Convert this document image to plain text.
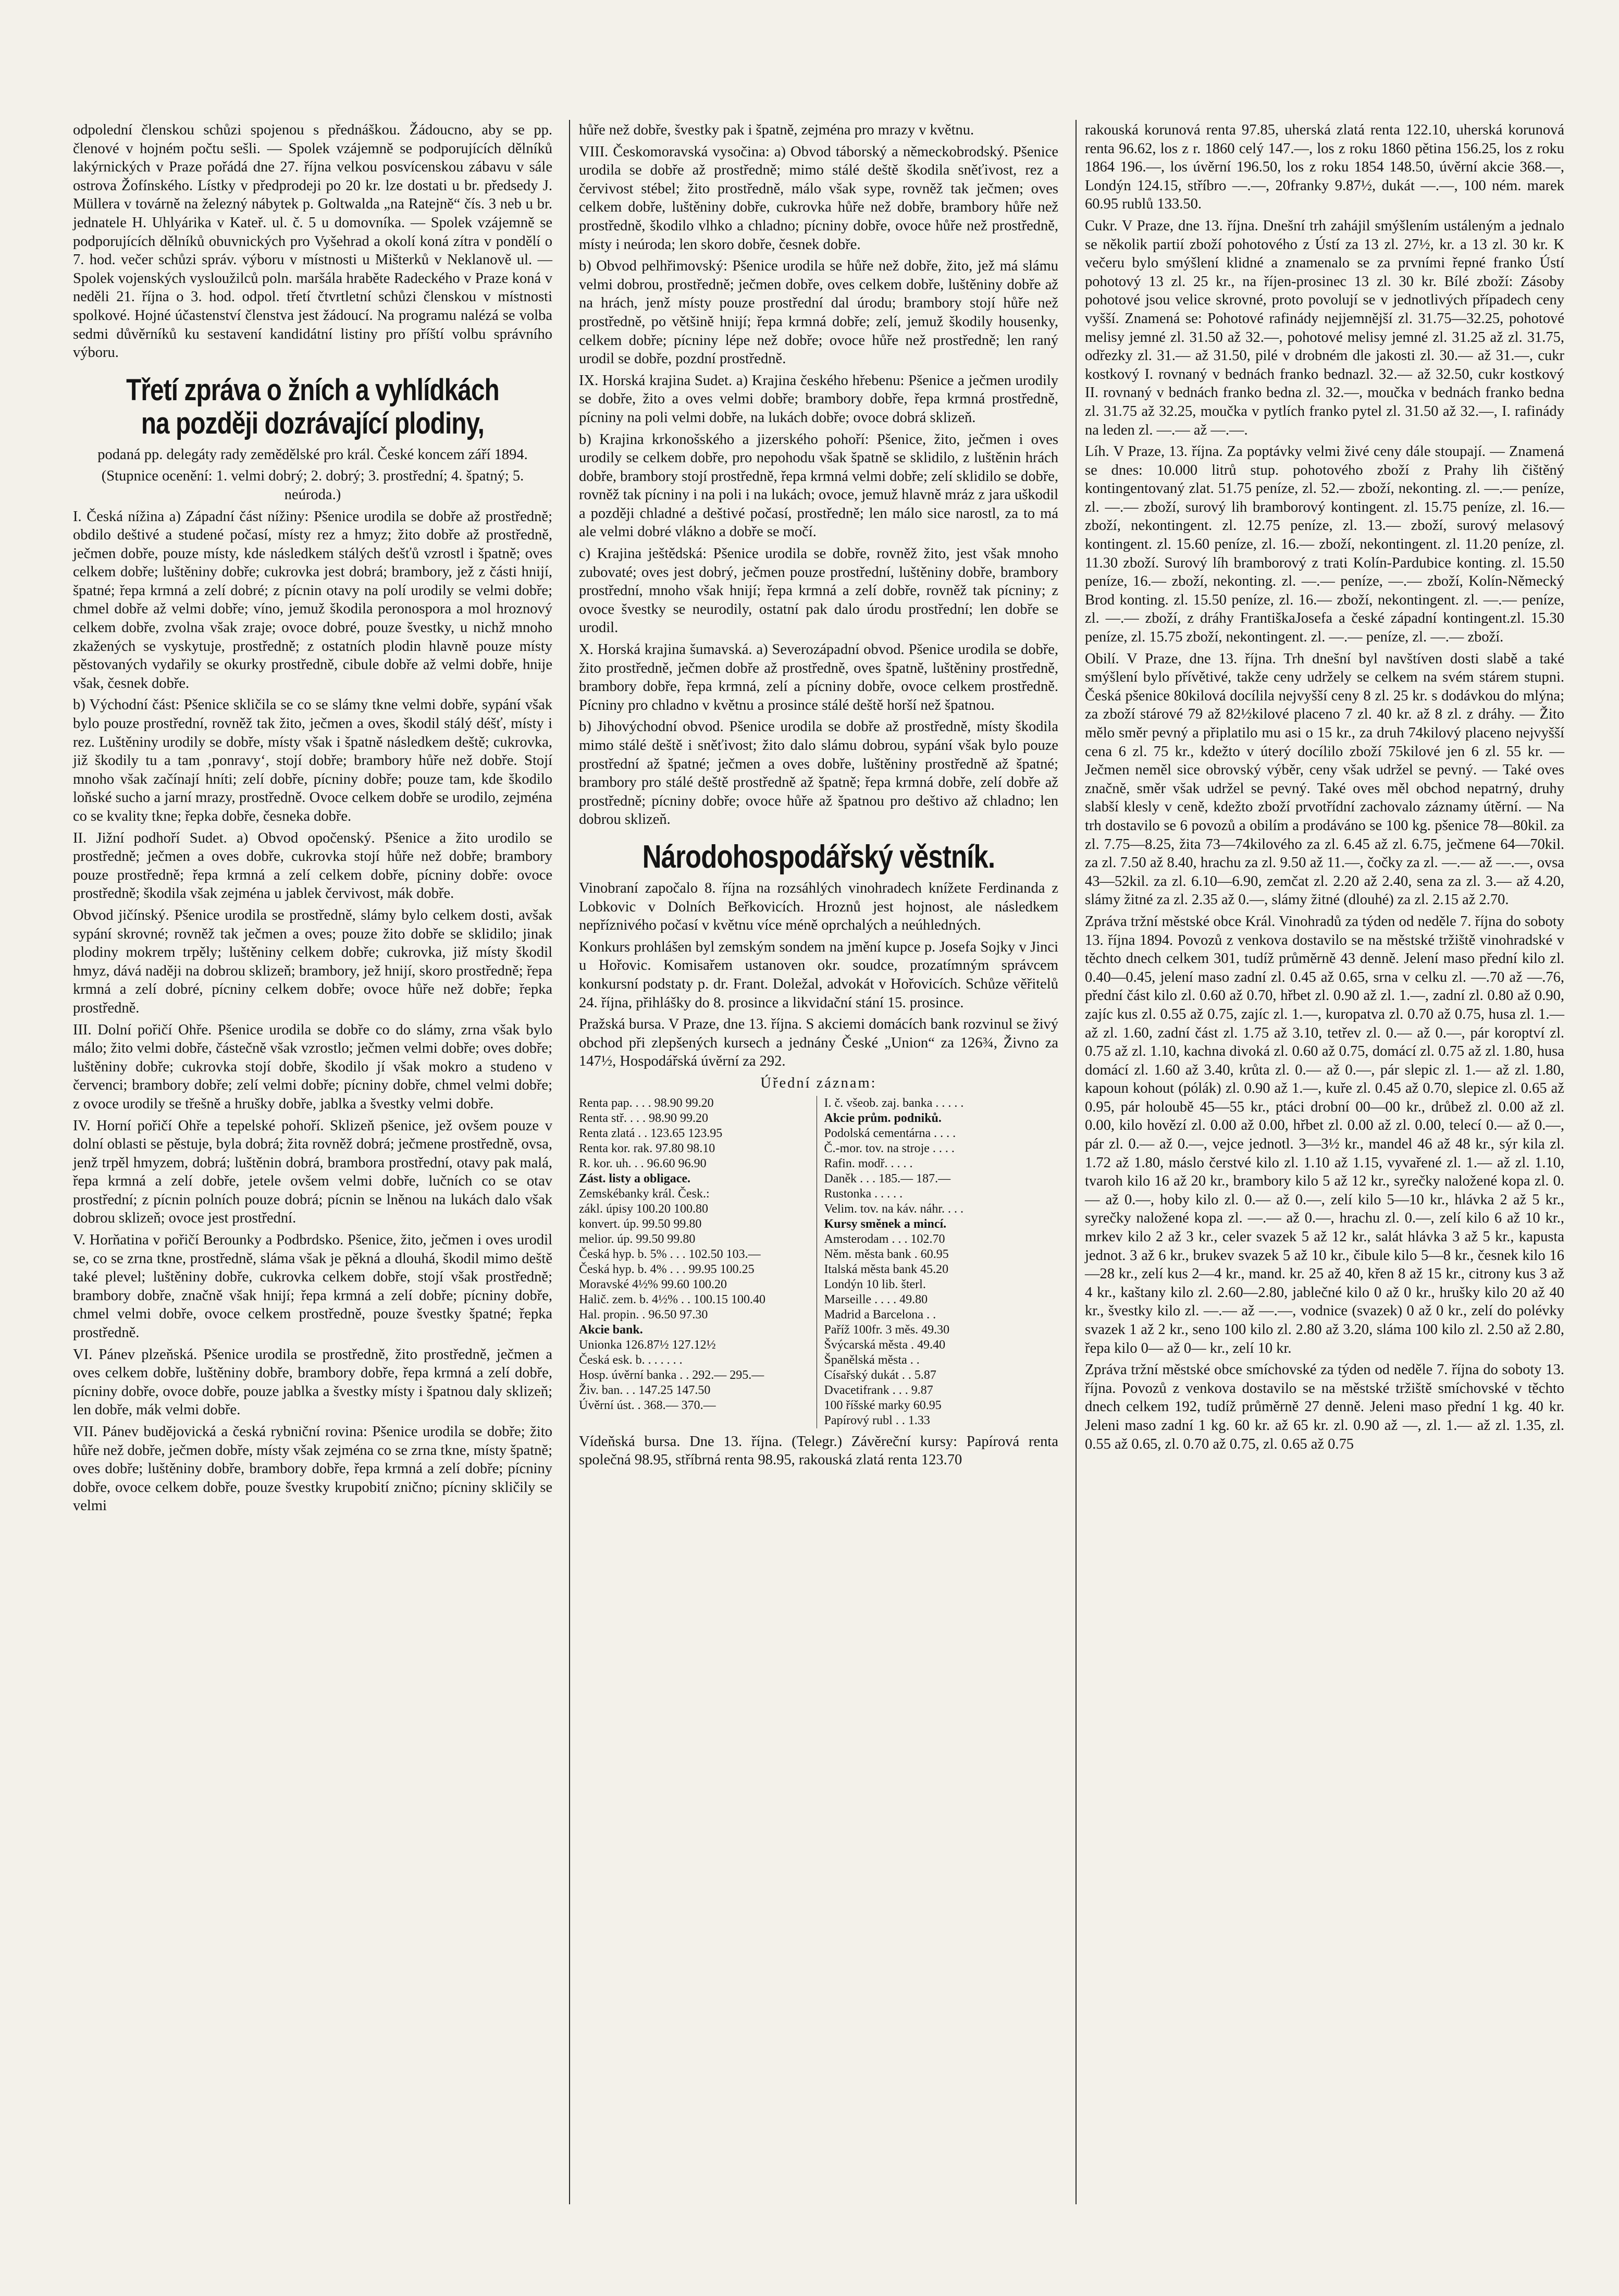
odpolední členskou schůzi spojenou s přednáškou. Žádoucno, aby se pp. členové v hojném počtu sešli. — Spolek vzájemně se podporujících dělníků lakýrnických v Praze pořádá dne 27. října velkou posvícenskou zábavu v sále ostrova Žofínského. Lístky v předprodeji po 20 kr. lze dostati u br. předsedy J. Müllera v továrně na železný nábytek p. Goltwalda „na Ratejně“ čís. 3 neb u br. jednatele H. Uhlyárika v Kateř. ul. č. 5 u domovníka. — Spolek vzájemně se podporujících dělníků obuvnických pro Vyšehrad a okolí koná zítra v pondělí o 7. hod. večer schůzi správ. výboru v místnosti u Mišterků v Neklanově ul. — Spolek vojenských vysloužilců poln. maršála hraběte Radeckého v Praze koná v neděli 21. října o 3. hod. odpol. třetí čtvrtletní schůzi členskou v místnosti spolkové. Hojné účastenství členstva jest žádoucí. Na programu nalézá se volba sedmi důvěrníků ku sestavení kandidátní listiny pro příští volbu správního výboru.

Třetí zpráva o žních a vyhlídkách na později dozrávající plodiny,

podaná pp. delegáty rady zemědělské pro král. České koncem září 1894.

(Stupnice ocenění: 1. velmi dobrý; 2. dobrý; 3. prostřední; 4. špatný; 5. neúroda.)

I. Česká nížina a) Západní část nížiny: Pšenice urodila se dobře až prostředně; obdilo deštivé a studené počasí, místy rez a hmyz; žito dobře až prostředně, ječmen dobře, pouze místy, kde následkem stálých dešťů vzrostl i špatně; oves celkem dobře; luštěniny dobře; cukrovka jest dobrá; brambory, jež z části hnijí, špatné; řepa krmná a zelí dobré; z pícnin otavy na polí urodily se velmi dobře; chmel dobře až velmi dobře; víno, jemuž škodila peronospora a mol hroznový celkem dobře, zvolna však zraje; ovoce dobré, pouze švestky, u nichž mnoho zkažených se vyskytuje, prostředně; z ostatních plodin hlavně pouze místy pěstovaných vydařily se okurky prostředně, cibule dobře až velmi dobře, hnije však, česnek dobře.

b) Východní část: Pšenice skličila se co se slámy tkne velmi dobře, sypání však bylo pouze prostřední, rovněž tak žito, ječmen a oves, škodil stálý déšť, místy i rez. Luštěniny urodily se dobře, místy však i špatně následkem deště; cukrovka, již škodily tu a tam ‚ponravy‘, stojí dobře; brambory hůře než dobře. Stojí mnoho však začínají hníti; zelí dobře, pícniny dobře; pouze tam, kde škodilo loňské sucho a jarní mrazy, prostředně. Ovoce celkem dobře se urodilo, zejména co se kvality tkne; řepka dobře, česneka dobře.

II. Jižní podhoří Sudet. a) Obvod opočenský. Pšenice a žito urodilo se prostředně; ječmen a oves dobře, cukrovka stojí hůře než dobře; brambory pouze prostředně; řepa krmná a zelí celkem dobře, pícniny dobře: ovoce prostředně; škodila však zejména u jablek červivost, mák dobře.

Obvod jičínský. Pšenice urodila se prostředně, slámy bylo celkem dosti, avšak sypání skrovné; rovněž tak ječmen a oves; pouze žito dobře se sklidilo; jinak plodiny mokrem trpěly; luštěniny celkem dobře; cukrovka, již místy škodil hmyz, dává naději na dobrou sklizeň; brambory, jež hnijí, skoro prostředně; řepa krmná a zelí dobré, pícniny celkem dobře; ovoce hůře než dobře; řepka prostředně.

III. Dolní pořičí Ohře. Pšenice urodila se dobře co do slámy, zrna však bylo málo; žito velmi dobře, částečně však vzrostlo; ječmen velmi dobře; oves dobře; luštěniny dobře; cukrovka stojí dobře, škodilo jí však mokro a studeno v červenci; brambory dobře; zelí velmi dobře; pícniny dobře, chmel velmi dobře; z ovoce urodily se třešně a hrušky dobře, jablka a švestky velmi dobře.

IV. Horní pořičí Ohře a tepelské pohoří. Sklizeň pšenice, jež ovšem pouze v dolní oblasti se pěstuje, byla dobrá; žita rovněž dobrá; ječmene prostředně, ovsa, jenž trpěl hmyzem, dobrá; luštěnin dobrá, brambora prostřední, otavy pak malá, řepa krmná a zelí dobře, jetele ovšem velmi dobře, lučních co se otav prostřední; z pícnin polních pouze dobrá; pícnin se lněnou na lukách dalo však dobrou sklizeň; ovoce jest prostřední.

V. Horňatina v pořičí Berounky a Podbrdsko. Pšenice, žito, ječmen i oves urodil se, co se zrna tkne, prostředně, sláma však je pěkná a dlouhá, škodil mimo deště také plevel; luštěniny dobře, cukrovka celkem dobře, stojí však prostředně; brambory dobře, značně však hnijí; řepa krmná a zelí dobře; pícniny dobře, chmel velmi dobře, ovoce celkem prostředně, pouze švestky špatné; řepka prostředně.

VI. Pánev plzeňská. Pšenice urodila se prostředně, žito prostředně, ječmen a oves celkem dobře, luštěniny dobře, brambory dobře, řepa krmná a zelí dobře, pícniny dobře, ovoce dobře, pouze jablka a švestky místy i špatnou daly sklizeň; len dobře, mák velmi dobře.

VII. Pánev budějovická a česká rybniční rovina: Pšenice urodila se dobře; žito hůře než dobře, ječmen dobře, místy však zejména co se zrna tkne, místy špatně; oves dobře; luštěniny dobře, brambory dobře, řepa krmná a zelí dobře; pícniny dobře, ovoce celkem dobře, pouze švestky krupobití znično; pícniny skličily se velmi

hůře než dobře, švestky pak i špatně, zejména pro mrazy v květnu.

VIII. Českomoravská vysočina: a) Obvod táborský a německobrodský. Pšenice urodila se dobře až prostředně; mimo stálé deště škodila sněťivost, rez a červivost stébel; žito prostředně, málo však sype, rovněž tak ječmen; oves celkem dobře, luštěniny dobře, cukrovka hůře než dobře, brambory hůře než prostředně, škodilo vlhko a chladno; pícniny dobře, ovoce hůře než prostředně, místy i neúroda; len skoro dobře, česnek dobře.

b) Obvod pelhřimovský: Pšenice urodila se hůře než dobře, žito, jež má slámu velmi dobrou, prostředně; ječmen dobře, oves celkem dobře, luštěniny dobře až na hrách, jenž místy pouze prostřední dal úrodu; brambory stojí hůře než prostředně, po většině hnijí; řepa krmná dobře; zelí, jemuž škodily housenky, celkem dobře; pícniny lépe než dobře; ovoce hůře než prostředně; len raný urodil se dobře, pozdní prostředně.

IX. Horská krajina Sudet. a) Krajina českého hřebenu: Pšenice a ječmen urodily se dobře, žito a oves velmi dobře; brambory dobře, řepa krmná prostředně, pícniny na poli velmi dobře, na lukách dobře; ovoce dobrá sklizeň.

b) Krajina krkonošského a jizerského pohoří: Pšenice, žito, ječmen i oves urodily se celkem dobře, pro nepohodu však špatně se sklidilo, z luštěnin hrách dobře, brambory stojí prostředně, řepa krmná velmi dobře; zelí sklidilo se dobře, rovněž tak pícniny i na poli i na lukách; ovoce, jemuž hlavně mráz z jara uškodil a později chladné a deštivé počasí, prostředně; len málo sice narostl, za to má ale velmi dobré vlákno a dobře se močí.

c) Krajina ještědská: Pšenice urodila se dobře, rovněž žito, jest však mnoho zubovaté; oves jest dobrý, ječmen pouze prostřední, luštěniny dobře, brambory prostřední, mnoho však hnijí; řepa krmná a zelí dobře, rovněž tak pícniny; z ovoce švestky se neurodily, ostatní pak dalo úrodu prostřední; len dobře se urodil.

X. Horská krajina šumavská. a) Severozápadní obvod. Pšenice urodila se dobře, žito prostředně, ječmen dobře až prostředně, oves špatně, luštěniny prostředně, brambory dobře, řepa krmná, zelí a pícniny dobře, ovoce celkem prostředně. Pícniny pro chladno v květnu a prosince stálé deště horší než špatnou.

b) Jihovýchodní obvod. Pšenice urodila se dobře až prostředně, místy škodila mimo stálé deště i sněťivost; žito dalo slámu dobrou, sypání však bylo pouze prostřední až špatné; ječmen a oves dobře, luštěniny prostředně až špatné; brambory pro stálé deště prostředně až špatně; řepa krmná dobře, zelí dobře až prostředně; pícniny dobře; ovoce hůře až špatnou pro deštivo až chladno; len dobrou sklizeň.

Národohospodářský věstník.

Vinobraní započalo 8. října na rozsáhlých vinohradech knížete Ferdinanda z Lobkovic v Dolních Beřkovicích. Hroznů jest hojnost, ale následkem nepříznivého počasí v květnu více méně oprchalých a neúhledných.

Konkurs prohlášen byl zemským sondem na jmění kupce p. Josefa Sojky v Jinci u Hořovic. Komisařem ustanoven okr. soudce, prozatímným správcem konkursní podstaty p. dr. Frant. Doležal, advokát v Hořovicích. Schůze věřitelů 24. října, přihlášky do 8. prosince a likvidační stání 15. prosince.

Pražská bursa. V Praze, dne 13. října. S akciemi domácích bank rozvinul se živý obchod při zlepšených kursech a jednány České „Union“ za 126¾, Živno za 147½, Hospodářská úvěrní za 292.

Úřední záznam:

Renta pap. . . . 98.90 99.20
Renta stř. . . . 98.90 99.20
Renta zlatá . . 123.65 123.95
Renta kor. rak. 97.80 98.10
R. kor. uh. . . 96.60 96.90
Zást. listy a obligace.
Zemskébanky král. Česk.:
zákl. úpisy 100.20 100.80
konvert. úp. 99.50 99.80
melior. úp. 99.50 99.80
Česká hyp. b. 5% . . . 102.50 103.—
Česká hyp. b. 4% . . . 99.95 100.25
Moravské 4½% 99.60 100.20
Halič. zem. b. 4½% . . 100.15 100.40
Hal. propin. . 96.50 97.30
Akcie bank.
Unionka 126.87½ 127.12½
Česká esk. b. . . . . . .
Hosp. úvěrní banka . . 292.— 295.—
Živ. ban. . . 147.25 147.50
Úvěrní úst. . 368.— 370.—
I. č. všeob. zaj. banka . . . . .
Akcie prům. podniků.
Podolská cementárna . . . .
Č.-mor. tov. na stroje . . . .
Rafin. modř. . . . .
Daněk . . . 185.— 187.—
Rustonka . . . . .
Velim. tov. na káv. náhr. . . .
Kursy směnek a mincí.
Amsterodam . . . 102.70
Něm. města bank . 60.95
Italská města bank 45.20
Londýn 10 lib. šterl.
Marseille . . . . 49.80
Madrid a Barcelona . .
Paříž 100fr. 3 měs. 49.30
Švýcarská města . 49.40
Španělská města . .
Císařský dukát . . 5.87
Dvacetifrank . . . 9.87
100 říšské marky 60.95
Papírový rubl . . 1.33

Vídeňská bursa. Dne 13. října. (Telegr.) Závěreční kursy: Papírová renta společná 98.95, stříbrná renta 98.95, rakouská zlatá renta 123.70

rakouská korunová renta 97.85, uherská zlatá renta 122.10, uherská korunová renta 96.62, los z r. 1860 celý 147.—, los z roku 1860 pětina 156.25, los z roku 1864 196.—, los úvěrní 196.50, los z roku 1854 148.50, úvěrní akcie 368.—, Londýn 124.15, stříbro —.—, 20franky 9.87½, dukát —.—, 100 ném. marek 60.95 rublů 133.50.

Cukr. V Praze, dne 13. října. Dnešní trh zahájil smýšlením ustáleným a jednalo se několik partií zboží pohotového z Ústí za 13 zl. 27½, kr. a 13 zl. 30 kr. K večeru bylo smýšlení klidné a znamenalo se za prvními řepné franko Ústí pohotový 13 zl. 25 kr., na říjen-prosinec 13 zl. 30 kr. Bílé zboží: Zásoby pohotové jsou velice skrovné, proto povolují se v jednotlivých případech ceny vyšší. Znamená se: Pohotové rafinády nejjemnější zl. 31.75—32.25, pohotové melisy jemné zl. 31.50 až 32.—, pohotové melisy jemné zl. 31.25 až zl. 31.75, odřezky zl. 31.— až 31.50, pilé v drobném dle jakosti zl. 30.— až 31.—, cukr kostkový I. rovnaný v bednách franko bednazl. 32.— až 32.50, cukr kostkový II. rovnaný v bednách franko bedna zl. 32.—, moučka v bednách franko bedna zl. 31.75 až 32.25, moučka v pytlích franko pytel zl. 31.50 až 32.—, I. rafinády na leden zl. —.— až —.—.

Líh. V Praze, 13. října. Za poptávky velmi živé ceny dále stoupají. — Znamená se dnes: 10.000 litrů stup. pohotového zboží z Prahy lih čištěný kontingentovaný zlat. 51.75 peníze, zl. 52.— zboží, nekonting. zl. —.— peníze, zl. —.— zboží, surový lih bramborový kontingent. zl. 15.75 peníze, zl. 16.— zboží, nekontingent. zl. 12.75 peníze, zl. 13.— zboží, surový melasový kontingent. zl. 15.60 peníze, zl. 16.— zboží, nekontingent. zl. 11.20 peníze, zl. 11.30 zboží. Surový líh bramborový z trati Kolín-Pardubice konting. zl. 15.50 peníze, 16.— zboží, nekonting. zl. —.— peníze, —.— zboží, Kolín-Německý Brod konting. zl. 15.50 peníze, zl. 16.— zboží, nekontingent. zl. —.— peníze, zl. —.— zboží, z dráhy FrantiškaJosefa a české západní kontingent.zl. 15.30 peníze, zl. 15.75 zboží, nekontingent. zl. —.— peníze, zl. —.— zboží.

Obilí. V Praze, dne 13. října. Trh dnešní byl navštíven dosti slabě a také smýšlení bylo přívětivé, takže ceny udržely se celkem na svém stárem stupni. Česká pšenice 80kilová docílila nejvyšší ceny 8 zl. 25 kr. s dodávkou do mlýna; za zboží stárové 79 až 82½kilové placeno 7 zl. 40 kr. až 8 zl. z dráhy. — Žito mělo směr pevný a připlatilo mu asi o 15 kr., za druh 74kilový placeno nejvyšší cena 6 zl. 75 kr., kdežto v úterý docílilo zboží 75kilové jen 6 zl. 55 kr. — Ječmen neměl sice obrovský výběr, ceny však udržel se pevný. — Také oves značně, směr však udržel se pevný. Také oves měl obchod nepatrný, druhy slabší klesly v ceně, kdežto zboží prvotřídní zachovalo záznamy útěrní. — Na trh dostavilo se 6 povozů a obilím a prodáváno se 100 kg. pšenice 78—80kil. za zl. 7.75—8.25, žita 73—74kilového za zl. 6.45 až zl. 6.75, ječmene 64—70kil. za zl. 7.50 až 8.40, hrachu za zl. 9.50 až 11.—, čočky za zl. —.— až —.—, ovsa 43—52kil. za zl. 6.10—6.90, zemčat zl. 2.20 až 2.40, sena za zl. 3.— až 4.20, slámy žitné za zl. 2.35 až 0.—, slámy žitné (dlouhé) za zl. 2.15 až 2.70.

Zpráva tržní městské obce Král. Vinohradů za týden od neděle 7. října do soboty 13. října 1894. Povozů z venkova dostavilo se na městské tržiště vinohradské v těchto dnech celkem 301, tudíž průměrně 43 denně. Jelení maso přední kilo zl. 0.40—0.45, jelení maso zadní zl. 0.45 až 0.65, srna v celku zl. —.70 až —.76, přední část kilo zl. 0.60 až 0.70, hřbet zl. 0.90 až zl. 1.—, zadní zl. 0.80 až 0.90, zajíc kus zl. 0.55 až 0.75, zajíc zl. 1.—, kuropatva zl. 0.70 až 0.75, husa zl. 1.— až zl. 1.60, zadní část zl. 1.75 až 3.10, tetřev zl. 0.— až 0.—, pár koroptví zl. 0.75 až zl. 1.10, kachna divoká zl. 0.60 až 0.75, domácí zl. 0.75 až zl. 1.80, husa domácí zl. 1.60 až 3.40, krůta zl. 0.— až 0.—, pár slepic zl. 1.— až zl. 1.80, kapoun kohout (pólák) zl. 0.90 až 1.—, kuře zl. 0.45 až 0.70, slepice zl. 0.65 až 0.95, pár holoubě 45—55 kr., ptáci drobní 00—00 kr., drůbež zl. 0.00 až zl. 0.00, kilo hovězí zl. 0.00 až 0.00, hřbet zl. 0.00 až zl. 0.00, telecí 0.— až 0.—, pár zl. 0.— až 0.—, vejce jednotl. 3—3½ kr., mandel 46 až 48 kr., sýr kila zl. 1.72 až 1.80, máslo čerstvé kilo zl. 1.10 až 1.15, vyvařené zl. 1.— až zl. 1.10, tvaroh kilo 16 až 20 kr., brambory kilo 5 až 12 kr., syrečky naložené kopa zl. 0.— až 0.—, hoby kilo zl. 0.— až 0.—, zelí kilo 5—10 kr., hlávka 2 až 5 kr., syrečky naložené kopa zl. —.— až 0.—, hrachu zl. 0.—, zelí kilo 6 až 10 kr., mrkev kilo 2 až 3 kr., celer svazek 5 až 12 kr., salát hlávka 3 až 5 kr., kapusta jednot. 3 až 6 kr., brukev svazek 5 až 10 kr., čibule kilo 5—8 kr., česnek kilo 16—28 kr., zelí kus 2—4 kr., mand. kr. 25 až 40, křen 8 až 15 kr., citrony kus 3 až 4 kr., kaštany kilo zl. 2.60—2.80, jablečné kilo 0 až 0 kr., hrušky kilo 20 až 40 kr., švestky kilo zl. —.— až —.—, vodnice (svazek) 0 až 0 kr., zelí do polévky svazek 1 až 2 kr., seno 100 kilo zl. 2.80 až 3.20, sláma 100 kilo zl. 2.50 až 2.80, řepa kilo 0— až 0— kr., zelí 10 kr.

Zpráva tržní městské obce smíchovské za týden od neděle 7. října do soboty 13. října. Povozů z venkova dostavilo se na městské tržiště smíchovské v těchto dnech celkem 192, tudíž průměrně 27 denně. Jeleni maso přední 1 kg. 40 kr. Jeleni maso zadní 1 kg. 60 kr. až 65 kr. zl. 0.90 až —, zl. 1.— až zl. 1.35, zl. 0.55 až 0.65, zl. 0.70 až 0.75, zl. 0.65 až 0.75
